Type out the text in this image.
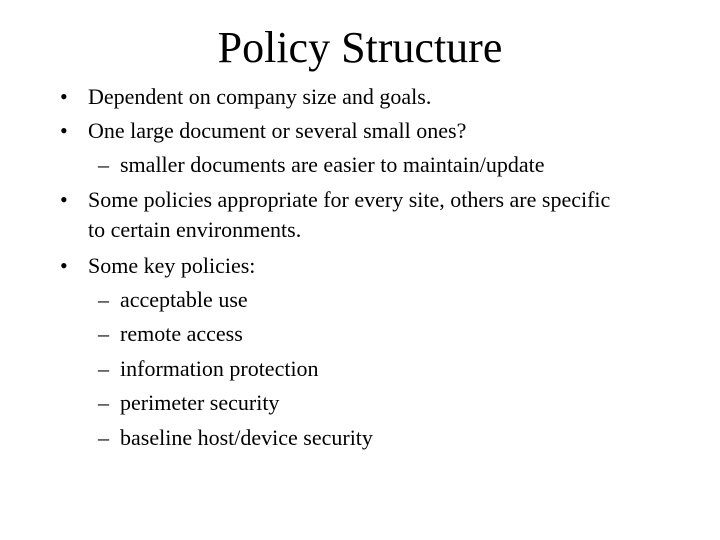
Policy Structure
• Dependent on company size and goals.
• One large document or several small ones?
– smaller documents are easier to maintain/update
• Some policies appropriate for every site, others are specific
to certain environments.
• Some key policies:
– acceptable use
– remote access
– information protection
– perimeter security
– baseline host/device security
